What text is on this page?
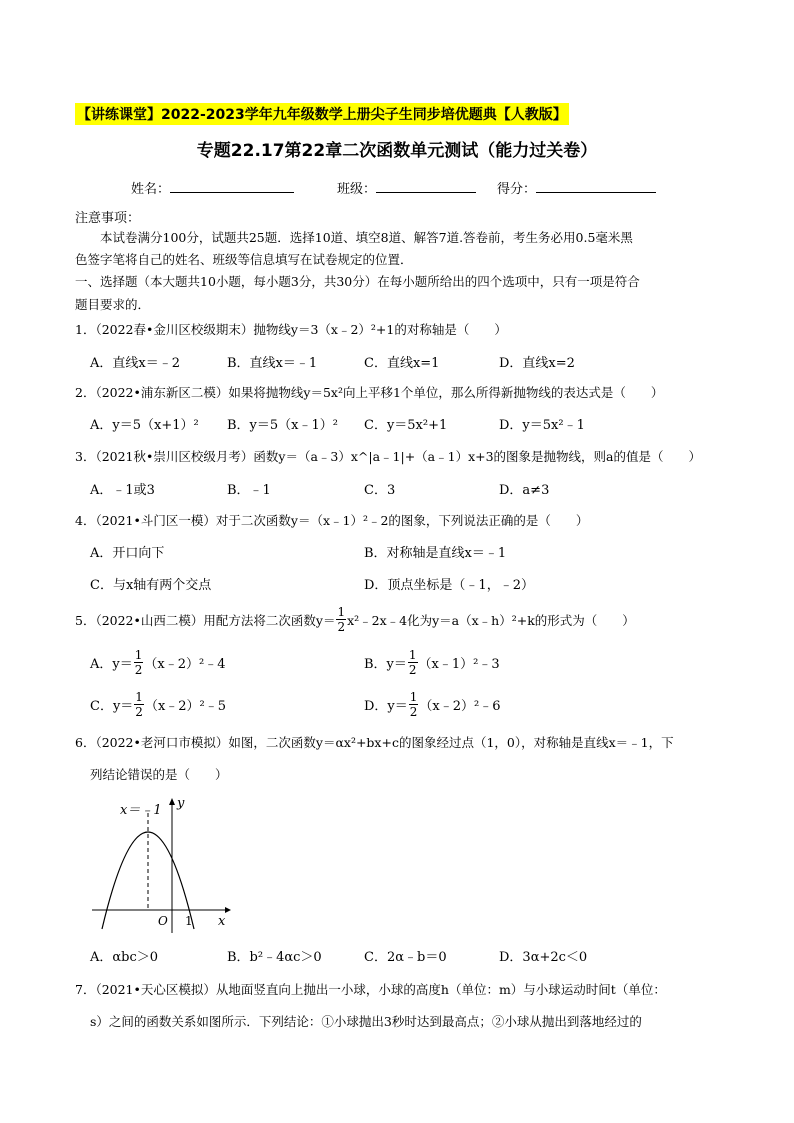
【讲练课堂】2022-2023学年九年级数学上册尖子生同步培优题典【人教版】
专题22.17第22章二次函数单元测试（能力过关卷）
姓名：	班级：	得分：
注意事项：
本试卷满分100分，试题共25题．选择10道、填空8道、解答7道.答卷前，考生务必用0.5毫米黑
色签字笔将自己的姓名、班级等信息填写在试卷规定的位置．
一、选择题（本大题共10小题，每小题3分，共30分）在每小题所给出的四个选项中，只有一项是符合
题目要求的．
1．（2022春•金川区校级期末）抛物线y＝3（x﹣2）²+1的对称轴是（　　）
A．直线x＝﹣2	B．直线x＝﹣1	C．直线x=1	D．直线x=2
2．（2022•浦东新区二模）如果将抛物线y＝5x²向上平移1个单位，那么所得新抛物线的表达式是（　　）
A．y＝5（x+1）² B．y＝5（x﹣1）² C．y＝5x²+1	D．y＝5x²﹣1
3．（2021秋•崇川区校级月考）函数y＝（a﹣3）x^|a﹣1|+（a﹣1）x+3的图象是抛物线，则a的值是（　　）
A．﹣1或3	B．﹣1	C．3	D．a≠3
4．（2021•斗门区一模）对于二次函数y＝（x﹣1）²﹣2的图象，下列说法正确的是（　　）
A．开口向下	B．对称轴是直线x＝﹣1
C．与x轴有两个交点	D．顶点坐标是（﹣1，﹣2）
5．（2022•山西二模）用配方法将二次函数$y= \frac{1}{2}$ x²﹣2x﹣4化为y＝a（x﹣h）²+k的形式为（　　）
A．$y= \frac{1}{2}$ （x﹣2）²﹣4	B．$y= \frac{1}{2}$ （x﹣1）²﹣3
C．$y= \frac{1}{2}$ （x﹣2）²﹣5	D．$y= \frac{1}{2}$ （x﹣2）²﹣6
6．（2022•老河口市模拟）如图，二次函数y＝αx²+bx+c的图象经过点（1，0），对称轴是直线x＝﹣1，下
列结论错误的是（　　）
x＝﹣1 y
x
O 1
A．αbc＞0	B．b²﹣4αc＞0	C．2α﹣b＝0	D．3α+2c＜0
7．（2021•天心区模拟）从地面竖直向上抛出一小球，小球的高度h（单位：m）与小球运动时间t（单位：
s）之间的函数关系如图所示．下列结论：①小球抛出3秒时达到最高点；②小球从抛出到落地经过的
